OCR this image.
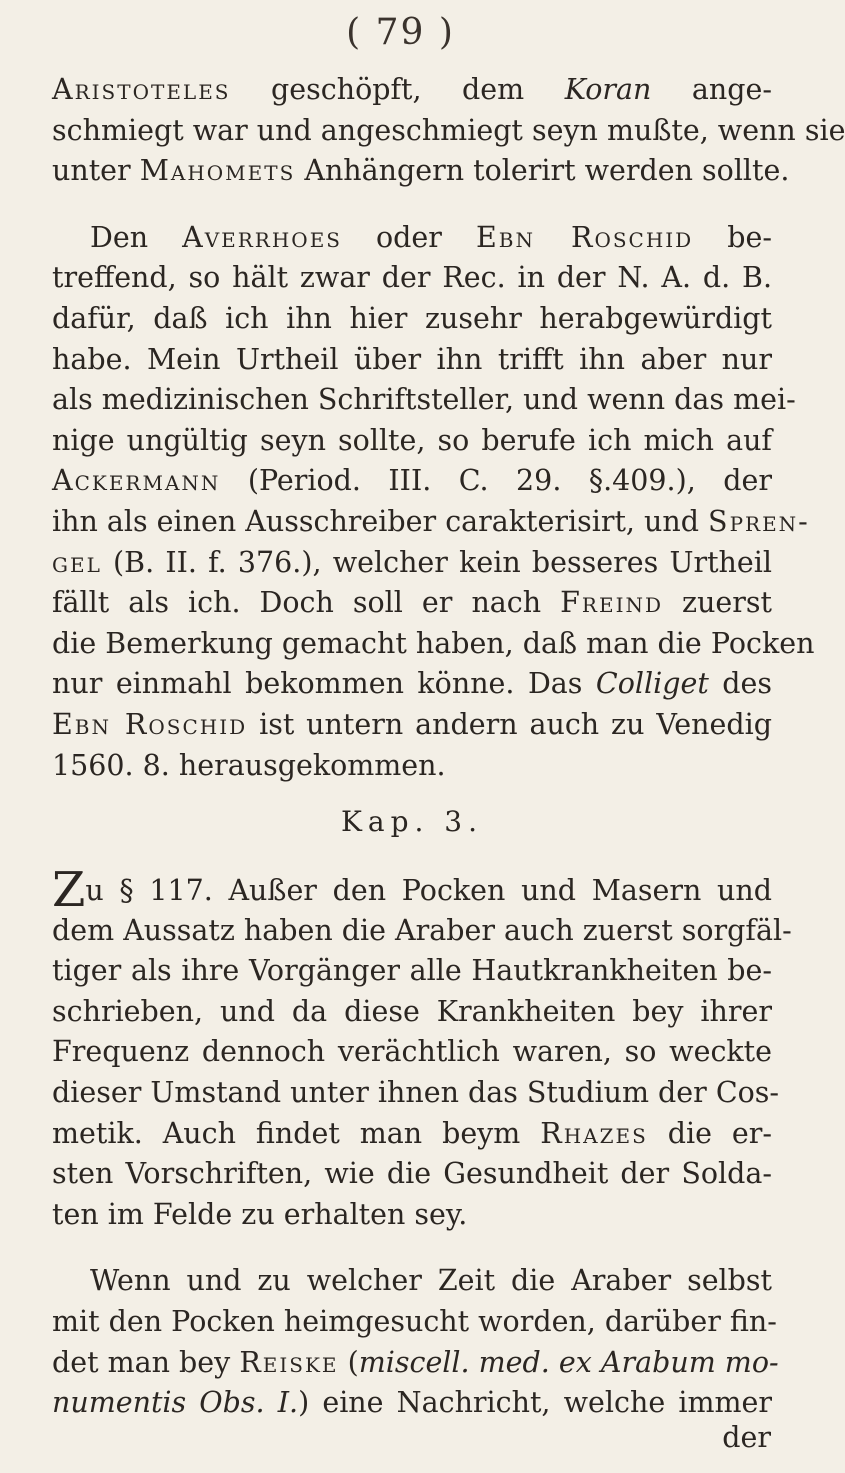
( 79 )
Aristoteles geschöpft, dem Koran ange-
schmiegt war und angeschmiegt seyn mußte, wenn sie
unter Mahomets Anhängern tolerirt werden sollte.
Den Averrhoes oder Ebn Roschid be-
treffend, so hält zwar der Rec. in der N. A. d. B.
dafür, daß ich ihn hier zusehr herabgewürdigt
habe. Mein Urtheil über ihn trifft ihn aber nur
als medizinischen Schriftsteller, und wenn das mei-
nige ungültig seyn sollte, so berufe ich mich auf
Ackermann (Period. III. C. 29. §.409.), der
ihn als einen Ausschreiber carakterisirt, und Spren-
gel (B. II. f. 376.), welcher kein besseres Urtheil
fällt als ich. Doch soll er nach Freind zuerst
die Bemerkung gemacht haben, daß man die Pocken
nur einmahl bekommen könne. Das Colliget des
Ebn Roschid ist untern andern auch zu Venedig
1560. 8. herausgekommen.
Kap. 3.
Zu § 117. Außer den Pocken und Masern und
dem Aussatz haben die Araber auch zuerst sorgfäl-
tiger als ihre Vorgänger alle Hautkrankheiten be-
schrieben, und da diese Krankheiten bey ihrer
Frequenz dennoch verächtlich waren, so weckte
dieser Umstand unter ihnen das Studium der Cos-
metik. Auch findet man beym Rhazes die er-
sten Vorschriften, wie die Gesundheit der Solda-
ten im Felde zu erhalten sey.
Wenn und zu welcher Zeit die Araber selbst
mit den Pocken heimgesucht worden, darüber fin-
det man bey Reiske (miscell. med. ex Arabum mo-
numentis Obs. I.) eine Nachricht, welche immer
der
